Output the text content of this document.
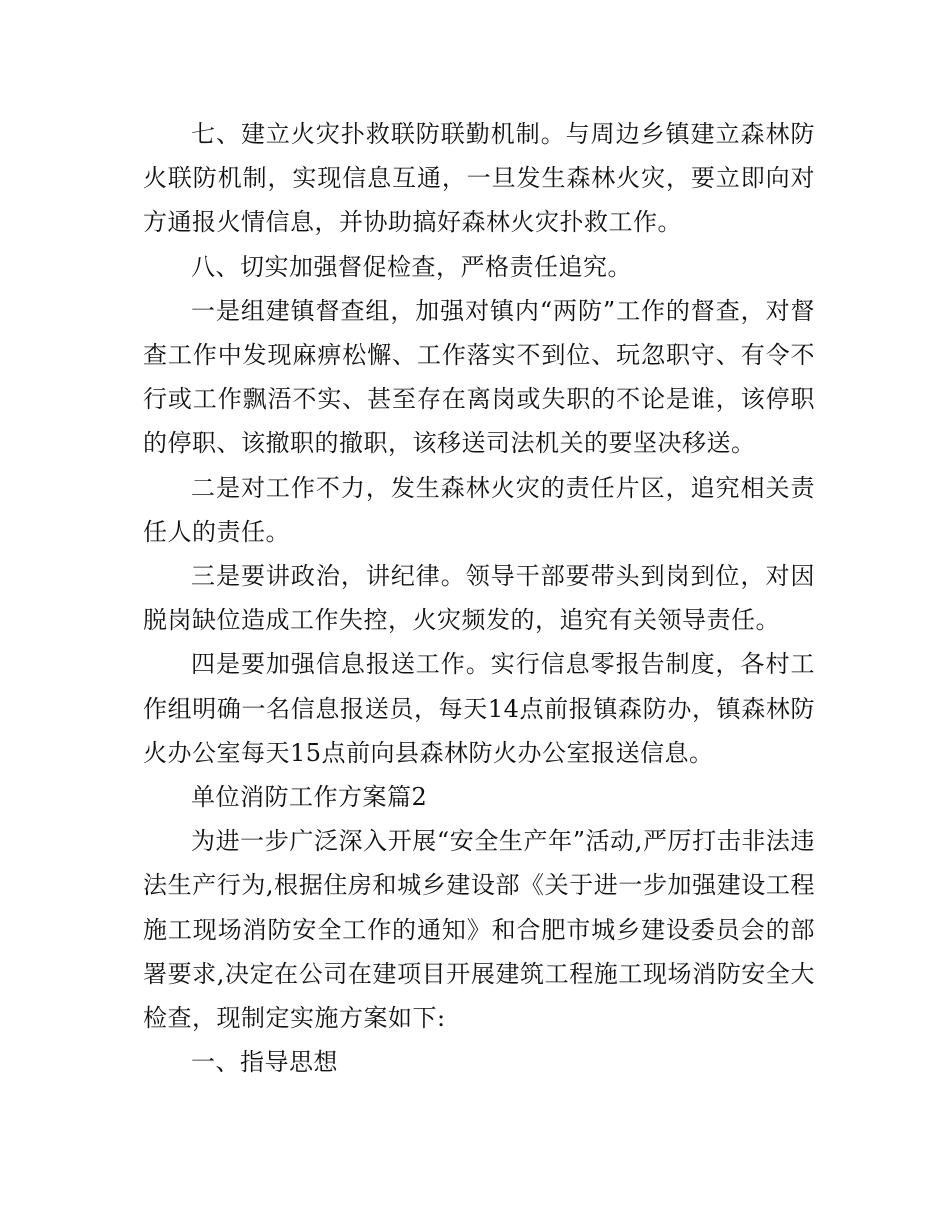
七、建立火灾扑救联防联勤机制。与周边乡镇建立森林防火联防机制，实现信息互通，一旦发生森林火灾，要立即向对方通报火情信息，并协助搞好森林火灾扑救工作。

八、切实加强督促检查，严格责任追究。

一是组建镇督查组，加强对镇内“两防”工作的督查，对督查工作中发现麻痹松懈、工作落实不到位、玩忽职守、有令不行或工作飘浯不实、甚至存在离岗或失职的不论是谁，该停职的停职、该撤职的撤职，该移送司法机关的要坚决移送。

二是对工作不力，发生森林火灾的责任片区，追究相关责任人的责任。

三是要讲政治，讲纪律。领导干部要带头到岗到位，对因脱岗缺位造成工作失控，火灾频发的，追究有关领导责任。

四是要加强信息报送工作。实行信息零报告制度，各村工作组明确一名信息报送员，每天14点前报镇森防办，镇森林防火办公室每天15点前向县森林防火办公室报送信息。

单位消防工作方案篇2

为进一步广泛深入开展“安全生产年”活动,严厉打击非法违法生产行为,根据住房和城乡建设部《关于进一步加强建设工程施工现场消防安全工作的通知》和合肥市城乡建设委员会的部署要求,决定在公司在建项目开展建筑工程施工现场消防安全大检查，现制定实施方案如下:

一、指导思想
